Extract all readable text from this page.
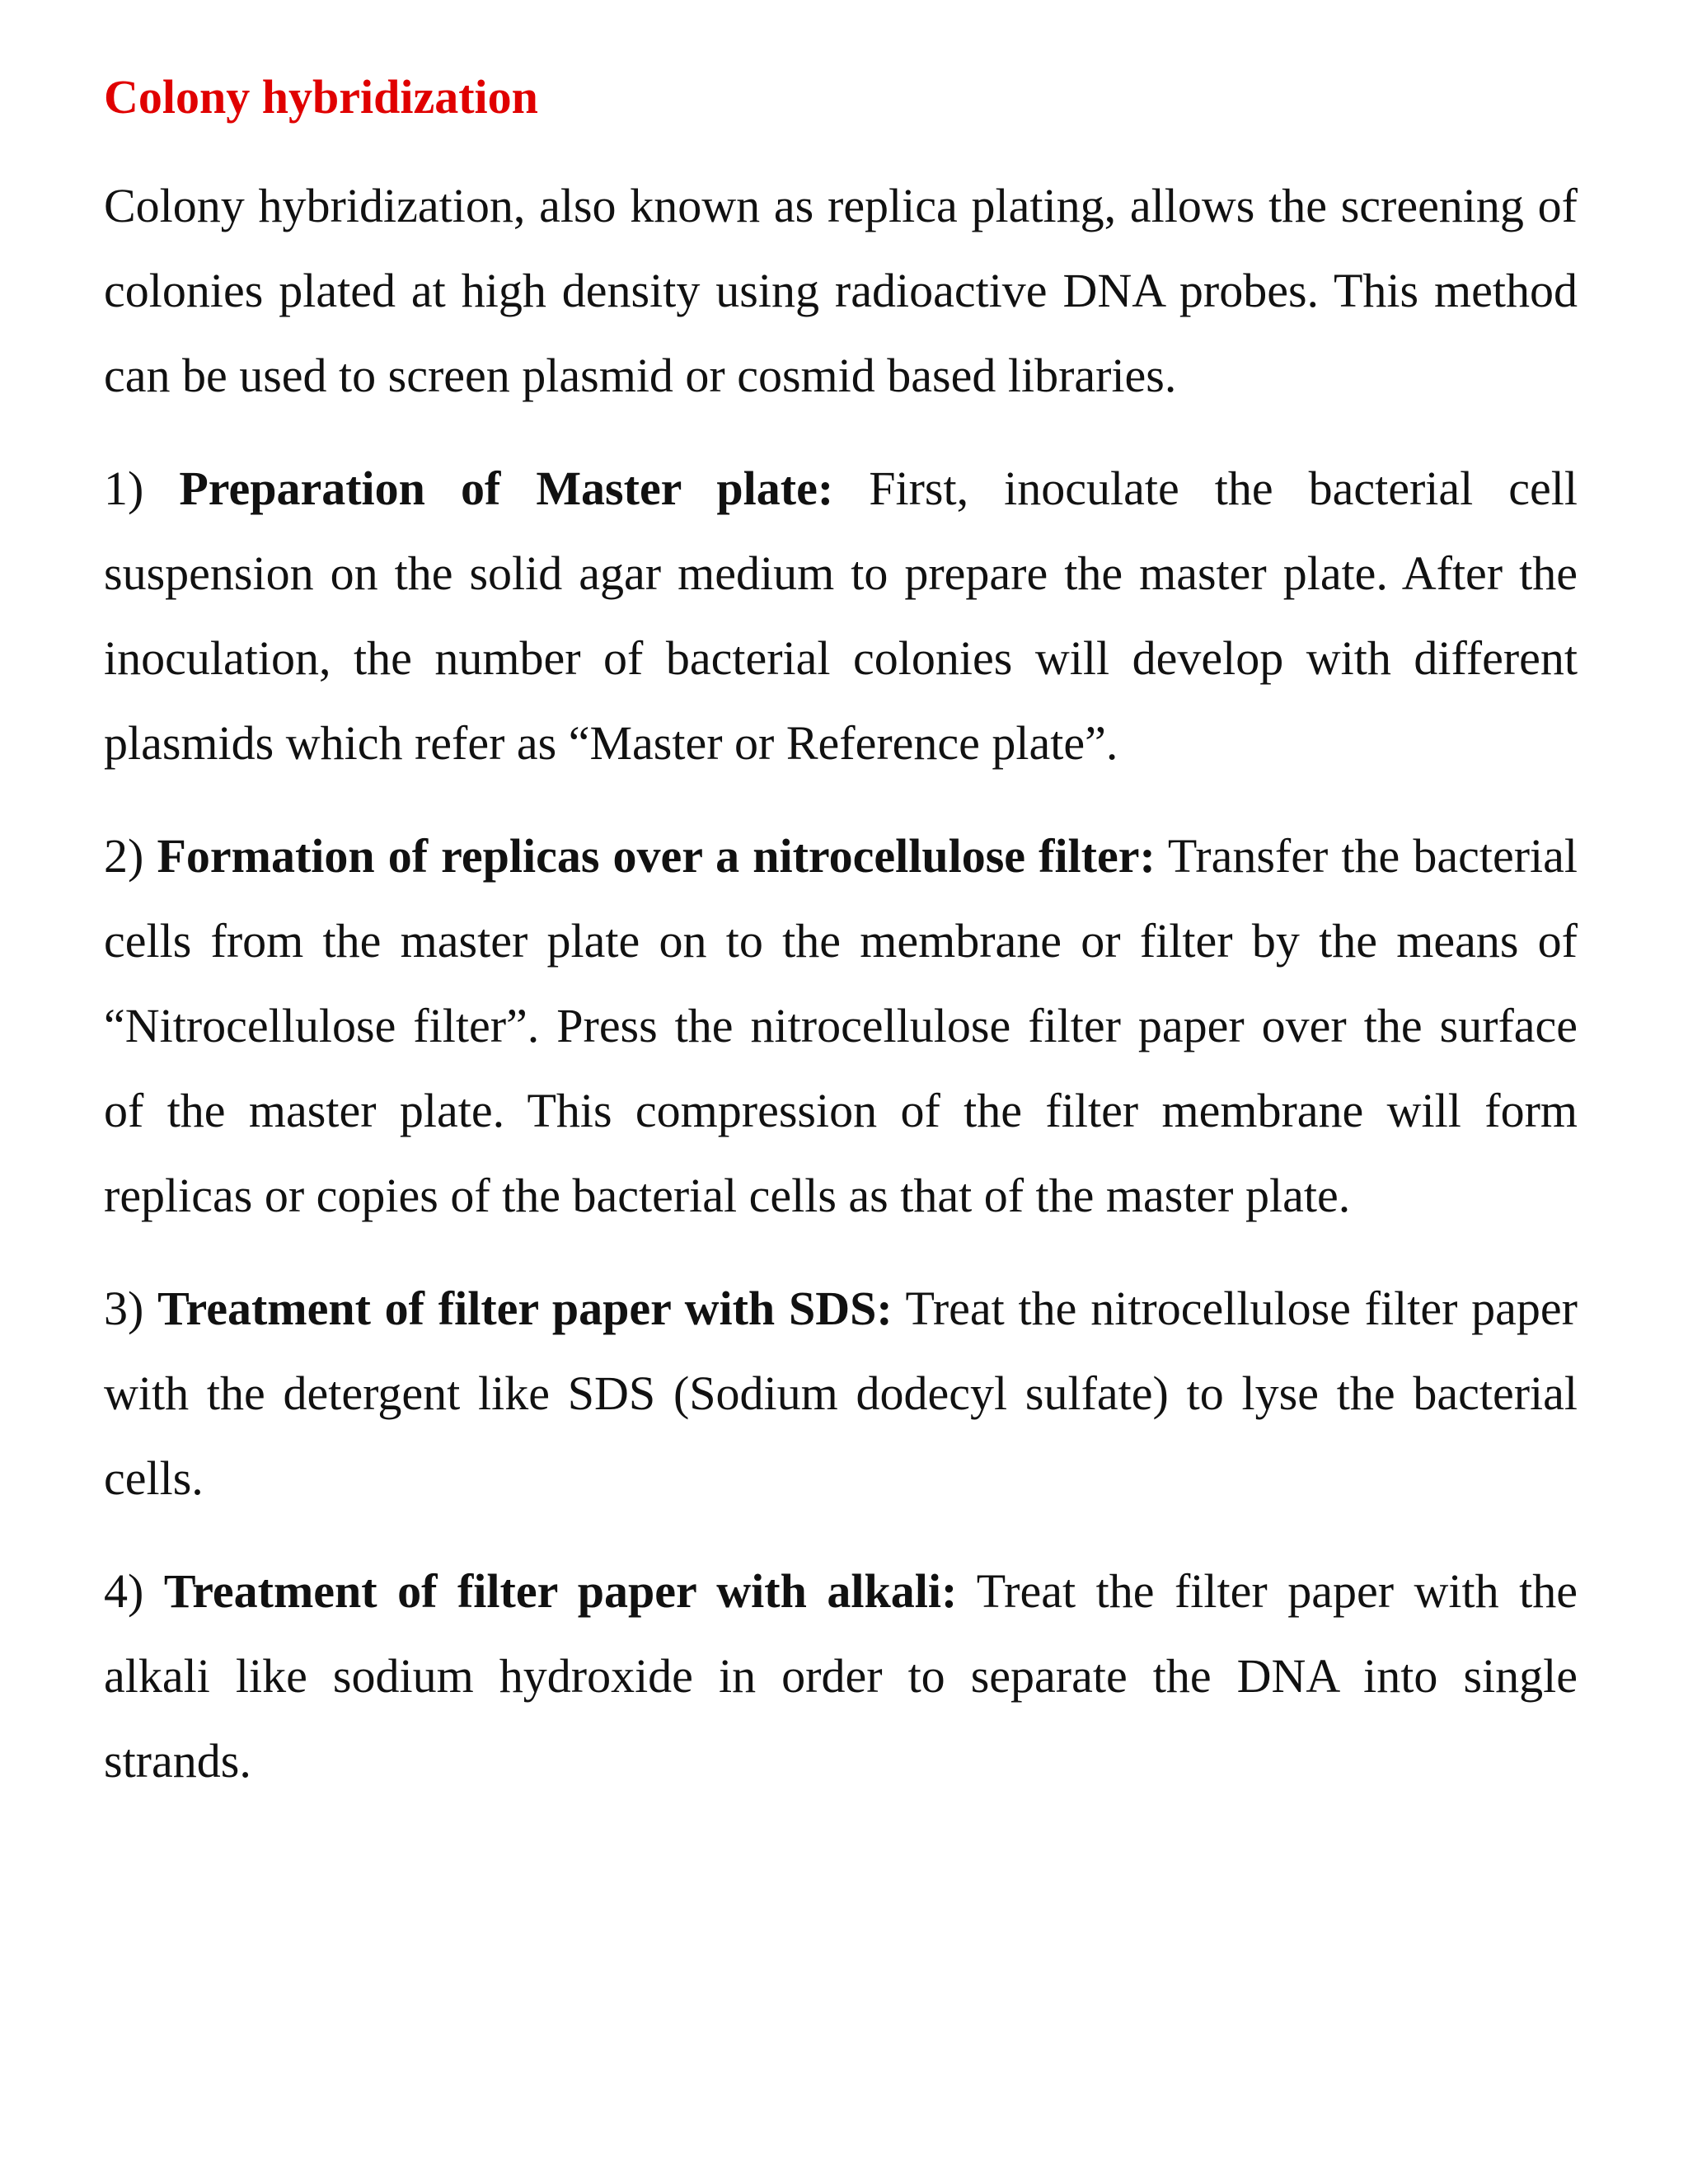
Colony hybridization

Colony hybridization, also known as replica plating, allows the screening of colonies plated at high density using radioactive DNA probes. This method can be used to screen plasmid or cosmid based libraries.

1) Preparation of Master plate: First, inoculate the bacterial cell suspension on the solid agar medium to prepare the master plate. After the inoculation, the number of bacterial colonies will develop with different plasmids which refer as “Master or Reference plate”.

2) Formation of replicas over a nitrocellulose filter: Transfer the bacterial cells from the master plate on to the membrane or filter by the means of “Nitrocellulose filter”. Press the nitrocellulose filter paper over the surface of the master plate. This compression of the filter membrane will form replicas or copies of the bacterial cells as that of the master plate.

3) Treatment of filter paper with SDS: Treat the nitrocellulose filter paper with the detergent like SDS (Sodium dodecyl sulfate) to lyse the bacterial cells.

4) Treatment of filter paper with alkali: Treat the filter paper with the alkali like sodium hydroxide in order to separate the DNA into single strands.
